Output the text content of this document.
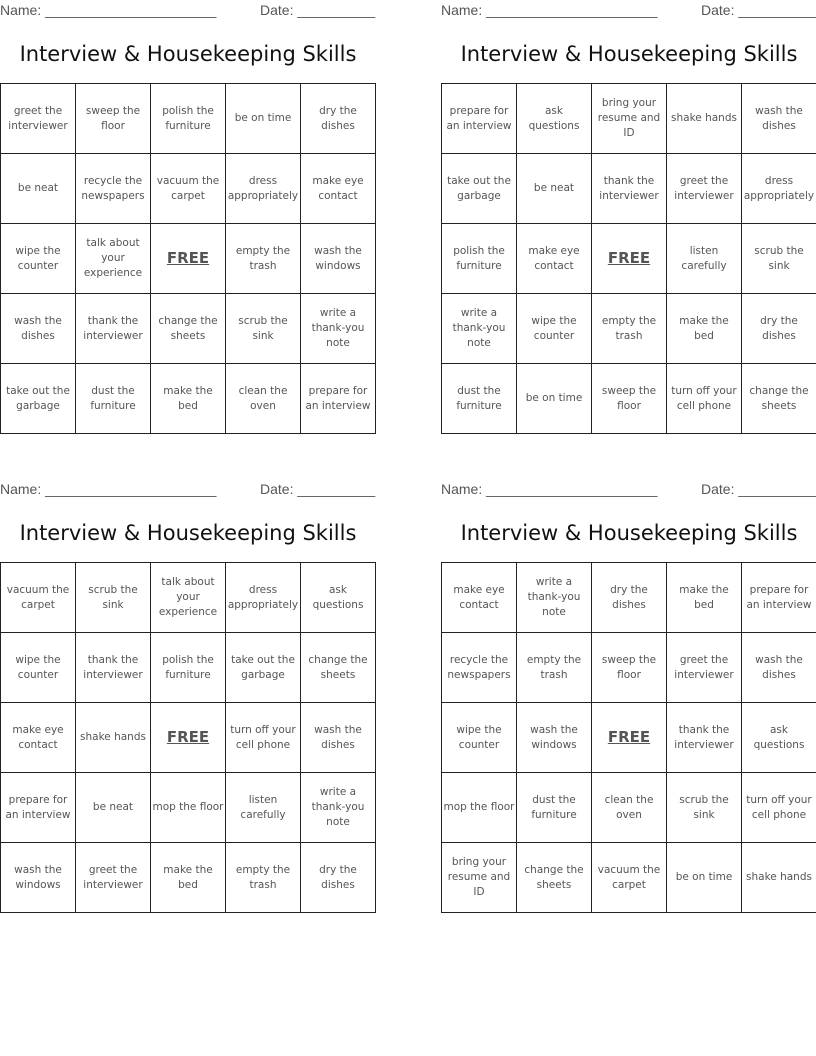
Name: ______________________	Date: __________
Interview & Housekeeping Skills
greet the interviewer	sweep the floor	polish the furniture	be on time	dry the dishes
be neat	recycle the newspapers	vacuum the carpet	dress appropriately	make eye contact
wipe the counter	talk about your experience	FREE	empty the trash	wash the windows
wash the dishes	thank the interviewer	change the sheets	scrub the sink	write a thank-you note
take out the garbage	dust the furniture	make the bed	clean the oven	prepare for an interview
Name: ______________________	Date: __________
Interview & Housekeeping Skills
prepare for an interview	ask questions	bring your resume and ID	shake hands	wash the dishes
take out the garbage	be neat	thank the interviewer	greet the interviewer	dress appropriately
polish the furniture	make eye contact	FREE	listen carefully	scrub the sink
write a thank-you note	wipe the counter	empty the trash	make the bed	dry the dishes
dust the furniture	be on time	sweep the floor	turn off your cell phone	change the sheets
Name: ______________________	Date: __________
Interview & Housekeeping Skills
vacuum the carpet	scrub the sink	talk about your experience	dress appropriately	ask questions
wipe the counter	thank the interviewer	polish the furniture	take out the garbage	change the sheets
make eye contact	shake hands	FREE	turn off your cell phone	wash the dishes
prepare for an interview	be neat	mop the floor	listen carefully	write a thank-you note
wash the windows	greet the interviewer	make the bed	empty the trash	dry the dishes
Name: ______________________	Date: __________
Interview & Housekeeping Skills
make eye contact	write a thank-you note	dry the dishes	make the bed	prepare for an interview
recycle the newspapers	empty the trash	sweep the floor	greet the interviewer	wash the dishes
wipe the counter	wash the windows	FREE	thank the interviewer	ask questions
mop the floor	dust the furniture	clean the oven	scrub the sink	turn off your cell phone
bring your resume and ID	change the sheets	vacuum the carpet	be on time	shake hands
